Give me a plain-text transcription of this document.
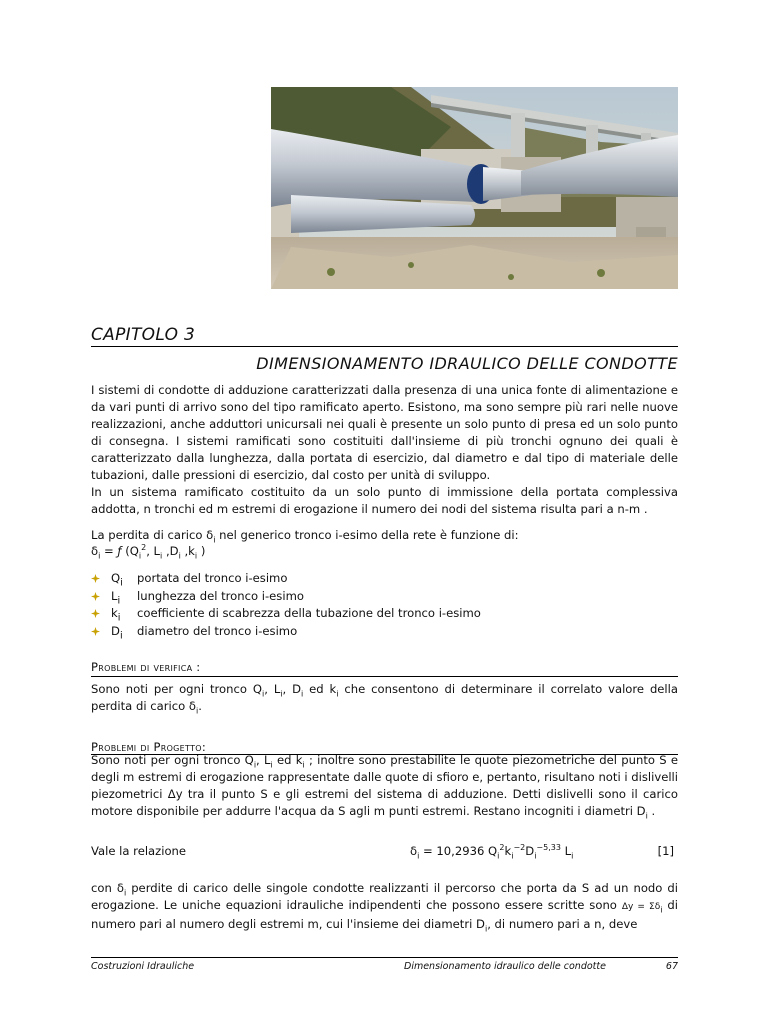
CAPITOLO 3
DIMENSIONAMENTO IDRAULICO DELLE CONDOTTE
I sistemi di condotte di adduzione caratterizzati dalla presenza di una unica fonte di alimentazione e da vari punti di arrivo sono del tipo ramificato aperto. Esistono, ma sono sempre più rari nelle nuove realizzazioni, anche adduttori unicursali nei quali è presente un solo punto di presa ed un solo punto di consegna. I sistemi ramificati sono costituiti dall'insieme di più tronchi ognuno dei quali è caratterizzato dalla lunghezza, dalla portata di esercizio, dal diametro e dal tipo di materiale delle tubazioni, dalle pressioni di esercizio, dal costo per unità di sviluppo.
In un sistema ramificato costituito da un solo punto di immissione della portata complessiva addotta, n tronchi ed m estremi di erogazione il numero dei nodi del sistema risulta pari a n-m .
La perdita di carico $\delta_i$ nel generico tronco i-esimo della rete è funzione di:
$\delta_i$ = ƒ ($Q_i^2$, $L_i$ $,D_i$ $,k_i$ )
$Q_i$ portata del tronco i-esimo
$L_i$ lunghezza del tronco i-esimo
$k_i$ coefficiente di scabrezza della tubazione del tronco i-esimo
$D_i$ diametro del tronco i-esimo
Problemi di verifica :
Sono noti per ogni tronco $Q_i$, $L_i$, $D_i$ ed $k_i$ che consentono di determinare il correlato valore della perdita di carico $\delta_i$.
Problemi di Progetto:
Sono noti per ogni tronco $Q_i$, $L_i$ ed $k_i$ ; inoltre sono prestabilite le quote piezometriche del punto S e degli m estremi di erogazione rappresentate dalle quote di sfioro e, pertanto, risultano noti i dislivelli piezometrici Δy tra il punto S e gli estremi del sistema di adduzione. Detti dislivelli sono il carico motore disponibile per addurre l'acqua da S agli m punti estremi. Restano incogniti i diametri $D_i$ .
Vale la relazione	$\delta_i = 10,2936$ $Q_i^2k_i^{-2}D_i^{-5,33}$ $L_i$	[1]
con $\delta_i$ perdite di carico delle singole condotte realizzanti il percorso che porta da S ad un nodo di erogazione. Le uniche equazioni idrauliche indipendenti che possono essere scritte sono $\Delta y = \Sigma\delta_i$ di numero pari al numero degli estremi m, cui l'insieme dei diametri $D_i$, di numero pari a n, deve
Costruzioni Idrauliche	Dimensionamento idraulico delle condotte	67
